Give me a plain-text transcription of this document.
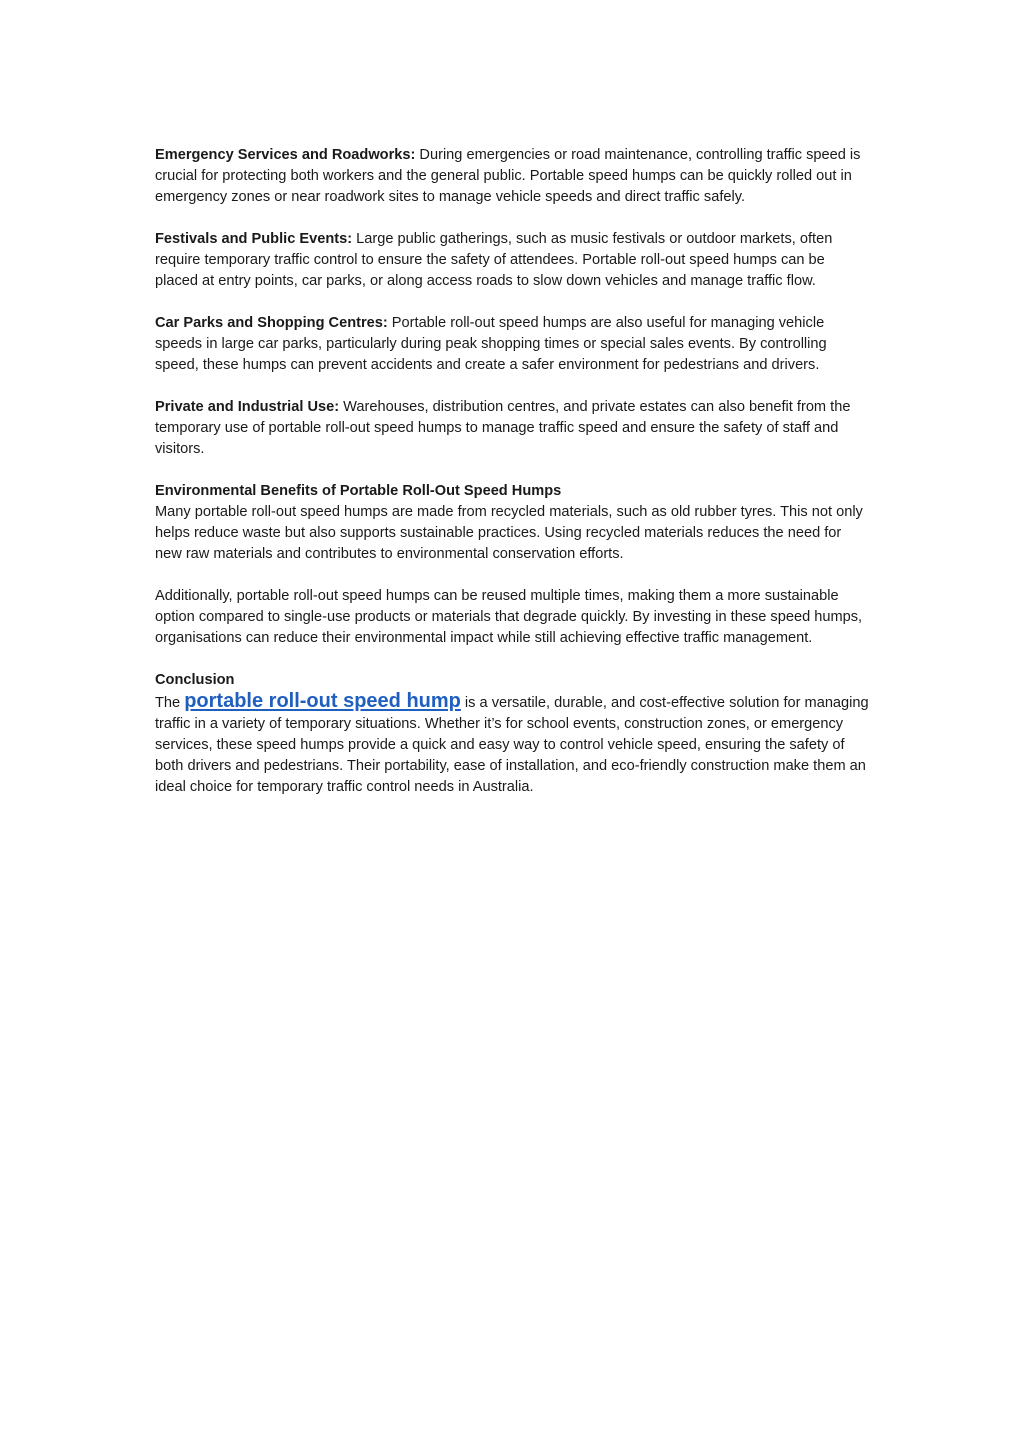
Emergency Services and Roadworks: During emergencies or road maintenance, controlling traffic speed is crucial for protecting both workers and the general public. Portable speed humps can be quickly rolled out in emergency zones or near roadwork sites to manage vehicle speeds and direct traffic safely.

Festivals and Public Events: Large public gatherings, such as music festivals or outdoor markets, often require temporary traffic control to ensure the safety of attendees. Portable roll-out speed humps can be placed at entry points, car parks, or along access roads to slow down vehicles and manage traffic flow.

Car Parks and Shopping Centres: Portable roll-out speed humps are also useful for managing vehicle speeds in large car parks, particularly during peak shopping times or special sales events. By controlling speed, these humps can prevent accidents and create a safer environment for pedestrians and drivers.

Private and Industrial Use: Warehouses, distribution centres, and private estates can also benefit from the temporary use of portable roll-out speed humps to manage traffic speed and ensure the safety of staff and visitors.

Environmental Benefits of Portable Roll-Out Speed Humps

Many portable roll-out speed humps are made from recycled materials, such as old rubber tyres. This not only helps reduce waste but also supports sustainable practices. Using recycled materials reduces the need for new raw materials and contributes to environmental conservation efforts.

Additionally, portable roll-out speed humps can be reused multiple times, making them a more sustainable option compared to single-use products or materials that degrade quickly. By investing in these speed humps, organisations can reduce their environmental impact while still achieving effective traffic management.

Conclusion

The portable roll-out speed hump is a versatile, durable, and cost-effective solution for managing traffic in a variety of temporary situations. Whether it’s for school events, construction zones, or emergency services, these speed humps provide a quick and easy way to control vehicle speed, ensuring the safety of both drivers and pedestrians. Their portability, ease of installation, and eco-friendly construction make them an ideal choice for temporary traffic control needs in Australia.
